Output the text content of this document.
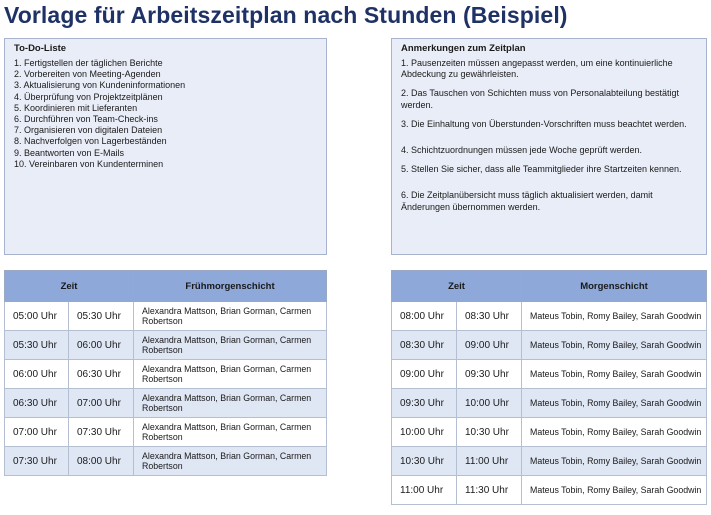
Vorlage für Arbeitszeitplan nach Stunden (Beispiel)
To-Do-Liste
1. Fertigstellen der täglichen Berichte
2. Vorbereiten von Meeting-Agenden
3. Aktualisierung von Kundeninformationen
4. Überprüfung von Projektzeitplänen
5. Koordinieren mit Lieferanten
6. Durchführen von Team-Check-ins
7. Organisieren von digitalen Dateien
8. Nachverfolgen von Lagerbeständen
9. Beantworten von E-Mails
10. Vereinbaren von Kundenterminen
Anmerkungen zum Zeitplan

1. Pausenzeiten müssen angepasst werden, um eine kontinuierliche Abdeckung zu gewährleisten.

2. Das Tauschen von Schichten muss von Personalabteilung bestätigt werden.

3. Die Einhaltung von Überstunden-Vorschriften muss beachtet werden.

4. Schichtzuordnungen müssen jede Woche geprüft werden.

5. Stellen Sie sicher, dass alle Teammitglieder ihre Startzeiten kennen.

6. Die Zeitplanübersicht muss täglich aktualisiert werden, damit Änderungen übernommen werden.

Zeit		Frühmorgenschicht
05:00 Uhr	05:30 Uhr	Alexandra Mattson, Brian Gorman, Carmen Robertson
05:30 Uhr	06:00 Uhr	Alexandra Mattson, Brian Gorman, Carmen Robertson
06:00 Uhr	06:30 Uhr	Alexandra Mattson, Brian Gorman, Carmen Robertson
06:30 Uhr	07:00 Uhr	Alexandra Mattson, Brian Gorman, Carmen Robertson
07:00 Uhr	07:30 Uhr	Alexandra Mattson, Brian Gorman, Carmen Robertson
07:30 Uhr	08:00 Uhr	Alexandra Mattson, Brian Gorman, Carmen Robertson
Zeit		Morgenschicht
08:00 Uhr	08:30 Uhr	Mateus Tobin, Romy Bailey, Sarah Goodwin
08:30 Uhr	09:00 Uhr	Mateus Tobin, Romy Bailey, Sarah Goodwin
09:00 Uhr	09:30 Uhr	Mateus Tobin, Romy Bailey, Sarah Goodwin
09:30 Uhr	10:00 Uhr	Mateus Tobin, Romy Bailey, Sarah Goodwin
10:00 Uhr	10:30 Uhr	Mateus Tobin, Romy Bailey, Sarah Goodwin
10:30 Uhr	11:00 Uhr	Mateus Tobin, Romy Bailey, Sarah Goodwin
11:00 Uhr	11:30 Uhr	Mateus Tobin, Romy Bailey, Sarah Goodwin
